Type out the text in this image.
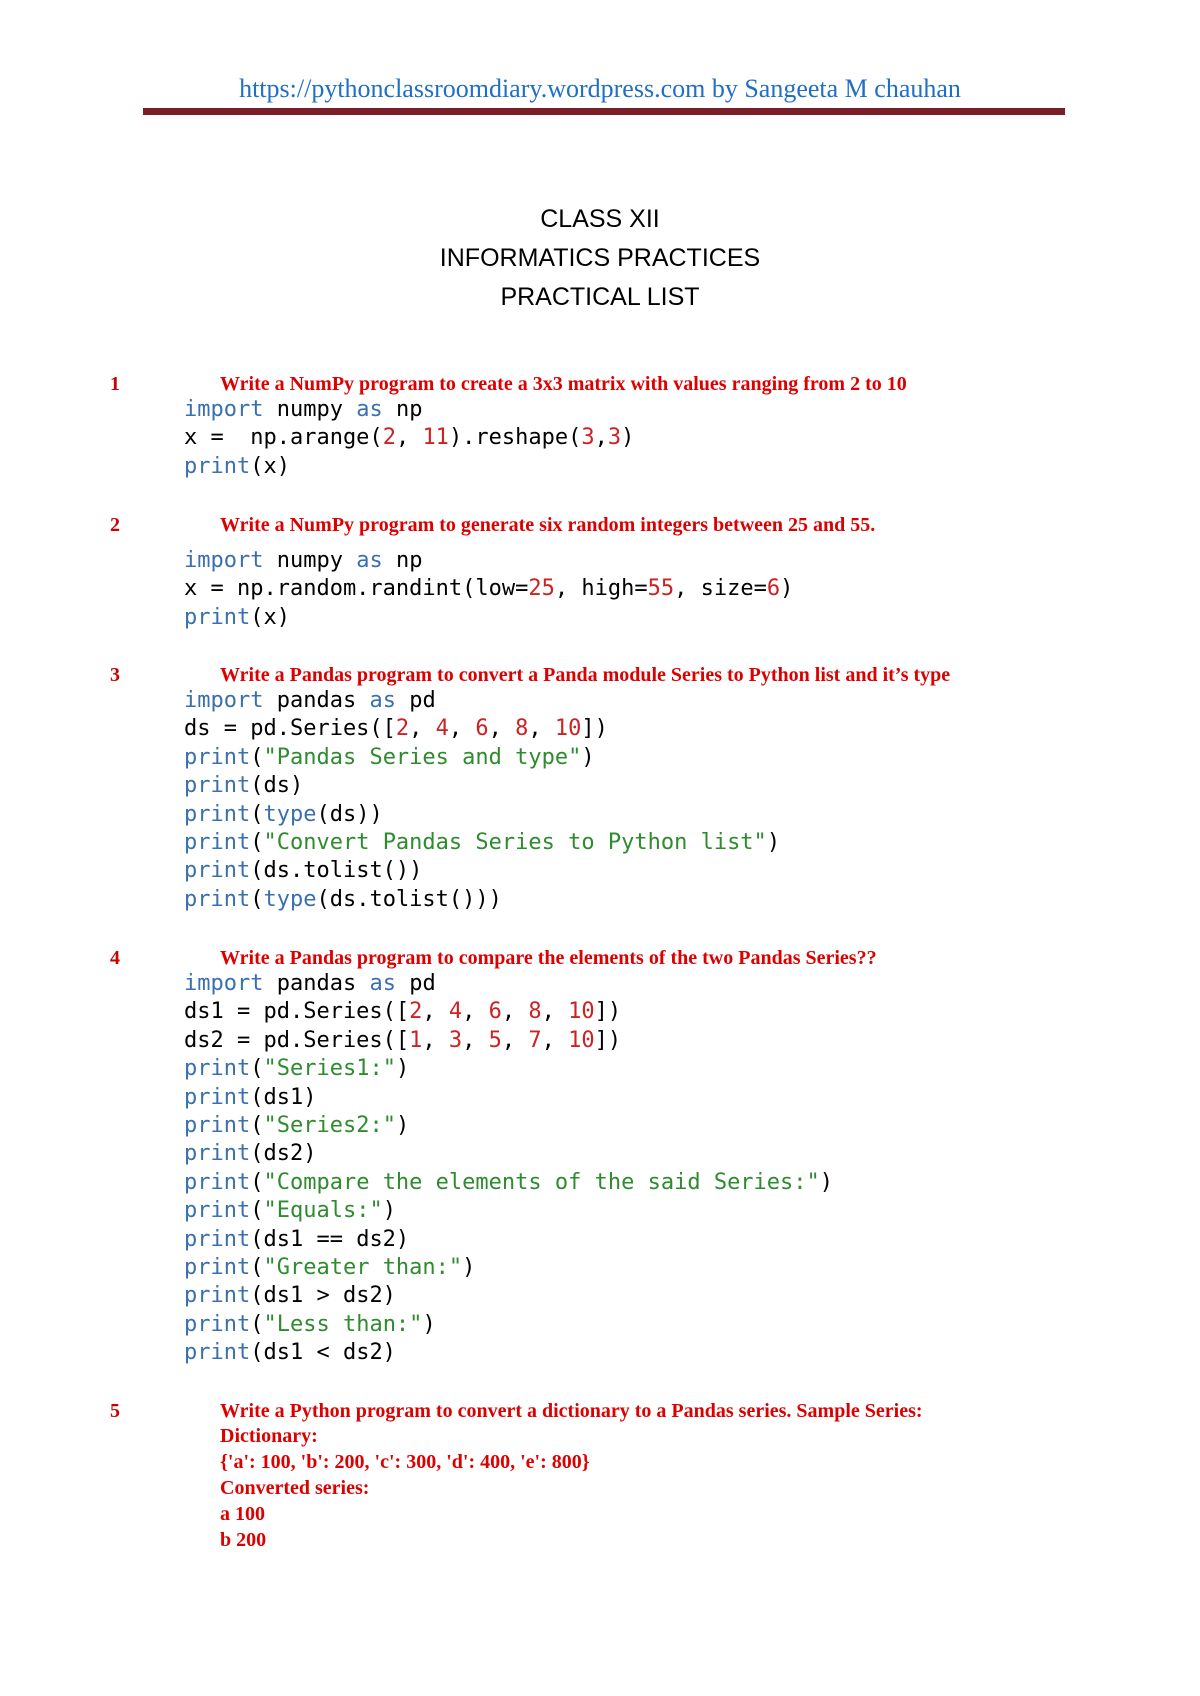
https://pythonclassroomdiary.wordpress.com by Sangeeta M chauhan
CLASS XII
INFORMATICS PRACTICES
PRACTICAL LIST
1	Write a NumPy program to create a 3x3 matrix with values ranging from 2 to 10
import numpy as np
x =  np.arange(2, 11).reshape(3,3)
print(x)
2	Write a NumPy program to generate six random integers between 25 and 55.
import numpy as np
x = np.random.randint(low=25, high=55, size=6)
print(x)
3	Write a Pandas program to convert a Panda module Series to Python list and it’s type
import pandas as pd
ds = pd.Series([2, 4, 6, 8, 10])
print("Pandas Series and type")
print(ds)
print(type(ds))
print("Convert Pandas Series to Python list")
print(ds.tolist())
print(type(ds.tolist()))
4	Write a Pandas program to compare the elements of the two Pandas Series??
import pandas as pd
ds1 = pd.Series([2, 4, 6, 8, 10])
ds2 = pd.Series([1, 3, 5, 7, 10])
print("Series1:")
print(ds1)
print("Series2:")
print(ds2)
print("Compare the elements of the said Series:")
print("Equals:")
print(ds1 == ds2)
print("Greater than:")
print(ds1 > ds2)
print("Less than:")
print(ds1 < ds2)
5	Write a Python program to convert a dictionary to a Pandas series. Sample Series:
Dictionary:
{'a': 100, 'b': 200, 'c': 300, 'd': 400, 'e': 800}
Converted series:
a 100
b 200
